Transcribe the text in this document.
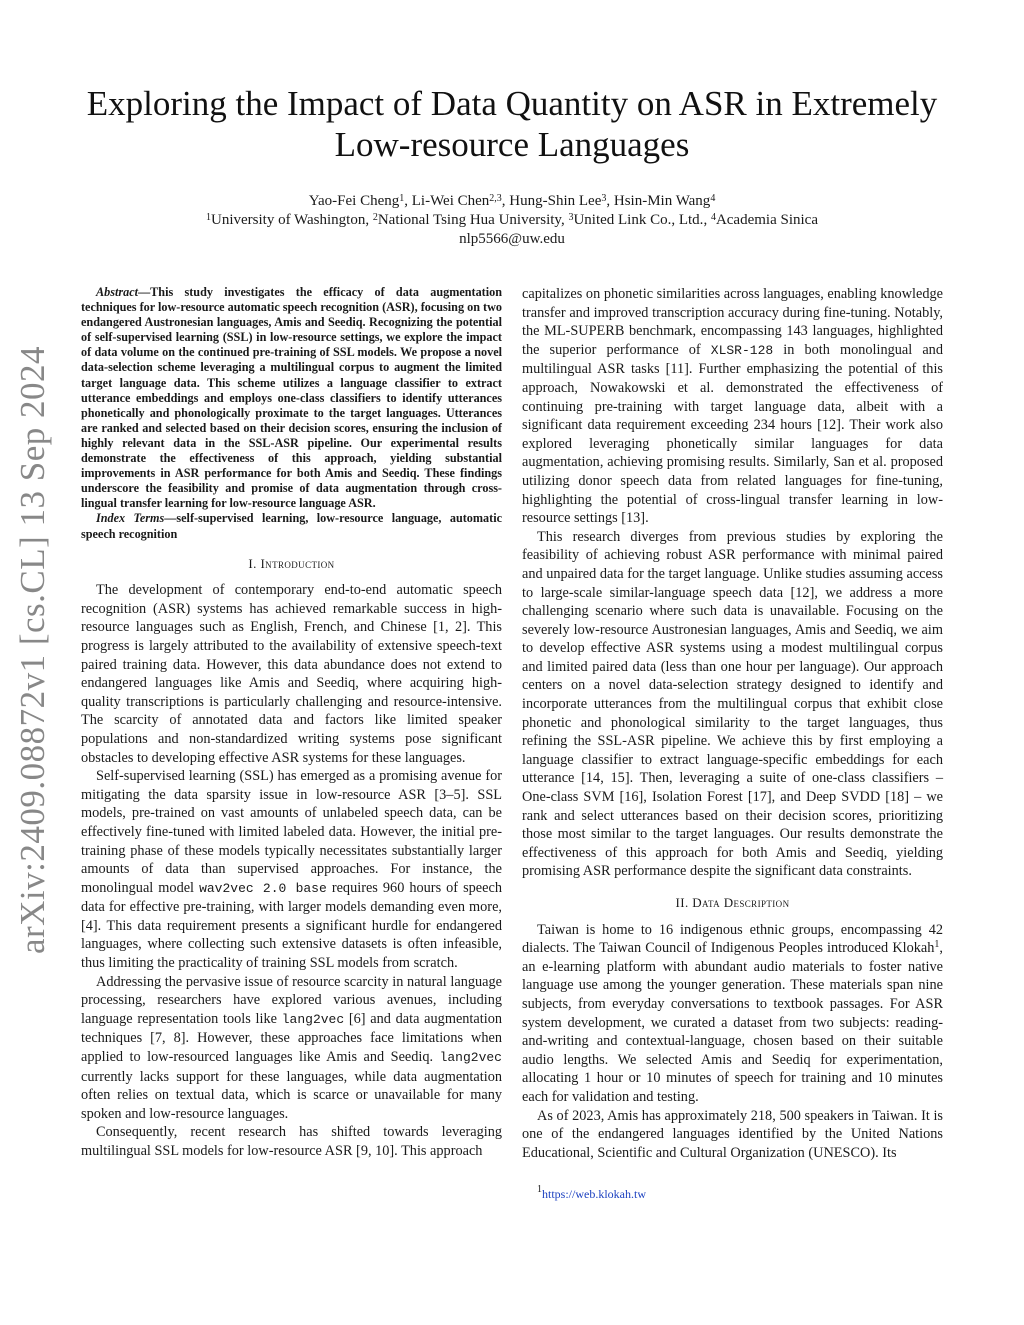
arXiv:2409.08872v1 [cs.CL] 13 Sep 2024
Exploring the Impact of Data Quantity on ASR in Extremely
Low-resource Languages
Yao-Fei Cheng$^1$, Li-Wei Chen$^{2,3}$, Hung-Shin Lee$^3$, Hsin-Min Wang$^4$
$^1$University of Washington, $^2$National Tsing Hua University, $^3$United Link Co., Ltd., $^4$Academia Sinica
nlp5566@uw.edu

Abstract—This study investigates the efficacy of data augmentation techniques for low-resource automatic speech recognition (ASR), focusing on two endangered Austronesian languages, Amis and Seediq. Recognizing the potential of self-supervised learning (SSL) in low-resource settings, we explore the impact of data volume on the continued pre-training of SSL models. We propose a novel data-selection scheme leveraging a multilingual corpus to augment the limited target language data. This scheme utilizes a language classifier to extract utterance embeddings and employs one-class classifiers to identify utterances phonetically and phonologically proximate to the target languages. Utterances are ranked and selected based on their decision scores, ensuring the inclusion of highly relevant data in the SSL-ASR pipeline. Our experimental results demonstrate the effectiveness of this approach, yielding substantial improvements in ASR performance for both Amis and Seediq. These findings underscore the feasibility and promise of data augmentation through cross-lingual transfer learning for low-resource language ASR.

Index Terms—self-supervised learning, low-resource language, automatic speech recognition

I. Introduction

The development of contemporary end-to-end automatic speech recognition (ASR) systems has achieved remarkable success in high-resource languages such as English, French, and Chinese [1, 2]. This progress is largely attributed to the availability of extensive speech-text paired training data. However, this data abundance does not extend to endangered languages like Amis and Seediq, where acquiring high-quality transcriptions is particularly challenging and resource-intensive. The scarcity of annotated data and factors like limited speaker populations and non-standardized writing systems pose significant obstacles to developing effective ASR systems for these languages.

Self-supervised learning (SSL) has emerged as a promising avenue for mitigating the data sparsity issue in low-resource ASR [3–5]. SSL models, pre-trained on vast amounts of unlabeled speech data, can be effectively fine-tuned with limited labeled data. However, the initial pre-training phase of these models typically necessitates substantially larger amounts of data than supervised approaches. For instance, the monolingual model wav2vec 2.0 base requires 960 hours of speech data for effective pre-training, with larger models demanding even more, [4]. This data requirement presents a significant hurdle for endangered languages, where collecting such extensive datasets is often infeasible, thus limiting the practicality of training SSL models from scratch.

Addressing the pervasive issue of resource scarcity in natural language processing, researchers have explored various avenues, including language representation tools like lang2vec [6] and data augmentation techniques [7, 8]. However, these approaches face limitations when applied to low-resourced languages like Amis and Seediq. lang2vec currently lacks support for these languages, while data augmentation often relies on textual data, which is scarce or unavailable for many spoken and low-resource languages.

Consequently, recent research has shifted towards leveraging multilingual SSL models for low-resource ASR [9, 10]. This approach

capitalizes on phonetic similarities across languages, enabling knowledge transfer and improved transcription accuracy during fine-tuning. Notably, the ML-SUPERB benchmark, encompassing 143 languages, highlighted the superior performance of XLSR-128 in both monolingual and multilingual ASR tasks [11]. Further emphasizing the potential of this approach, Nowakowski et al. demonstrated the effectiveness of continuing pre-training with target language data, albeit with a significant data requirement exceeding 234 hours [12]. Their work also explored leveraging phonetically similar languages for data augmentation, achieving promising results. Similarly, San et al. proposed utilizing donor speech data from related languages for fine-tuning, highlighting the potential of cross-lingual transfer learning in low-resource settings [13].

This research diverges from previous studies by exploring the feasibility of achieving robust ASR performance with minimal paired and unpaired data for the target language. Unlike studies assuming access to large-scale similar-language speech data [12], we address a more challenging scenario where such data is unavailable. Focusing on the severely low-resource Austronesian languages, Amis and Seediq, we aim to develop effective ASR systems using a modest multilingual corpus and limited paired data (less than one hour per language). Our approach centers on a novel data-selection strategy designed to identify and incorporate utterances from the multilingual corpus that exhibit close phonetic and phonological similarity to the target languages, thus refining the SSL-ASR pipeline. We achieve this by first employing a language classifier to extract language-specific embeddings for each utterance [14, 15]. Then, leveraging a suite of one-class classifiers – One-class SVM [16], Isolation Forest [17], and Deep SVDD [18] – we rank and select utterances based on their decision scores, prioritizing those most similar to the target languages. Our results demonstrate the effectiveness of this approach for both Amis and Seediq, yielding promising ASR performance despite the significant data constraints.

II. Data Description

Taiwan is home to 16 indigenous ethnic groups, encompassing 42 dialects. The Taiwan Council of Indigenous Peoples introduced Klokah$^1$, an e-learning platform with abundant audio materials to foster native language use among the younger generation. These materials span nine subjects, from everyday conversations to textbook passages. For ASR system development, we curated a dataset from two subjects: reading-and-writing and contextual-language, chosen based on their suitable audio lengths. We selected Amis and Seediq for experimentation, allocating 1 hour or 10 minutes of speech for training and 10 minutes each for validation and testing.

As of 2023, Amis has approximately 218, 500 speakers in Taiwan. It is one of the endangered languages identified by the United Nations Educational, Scientific and Cultural Organization (UNESCO). Its

$^1$https://web.klokah.tw
